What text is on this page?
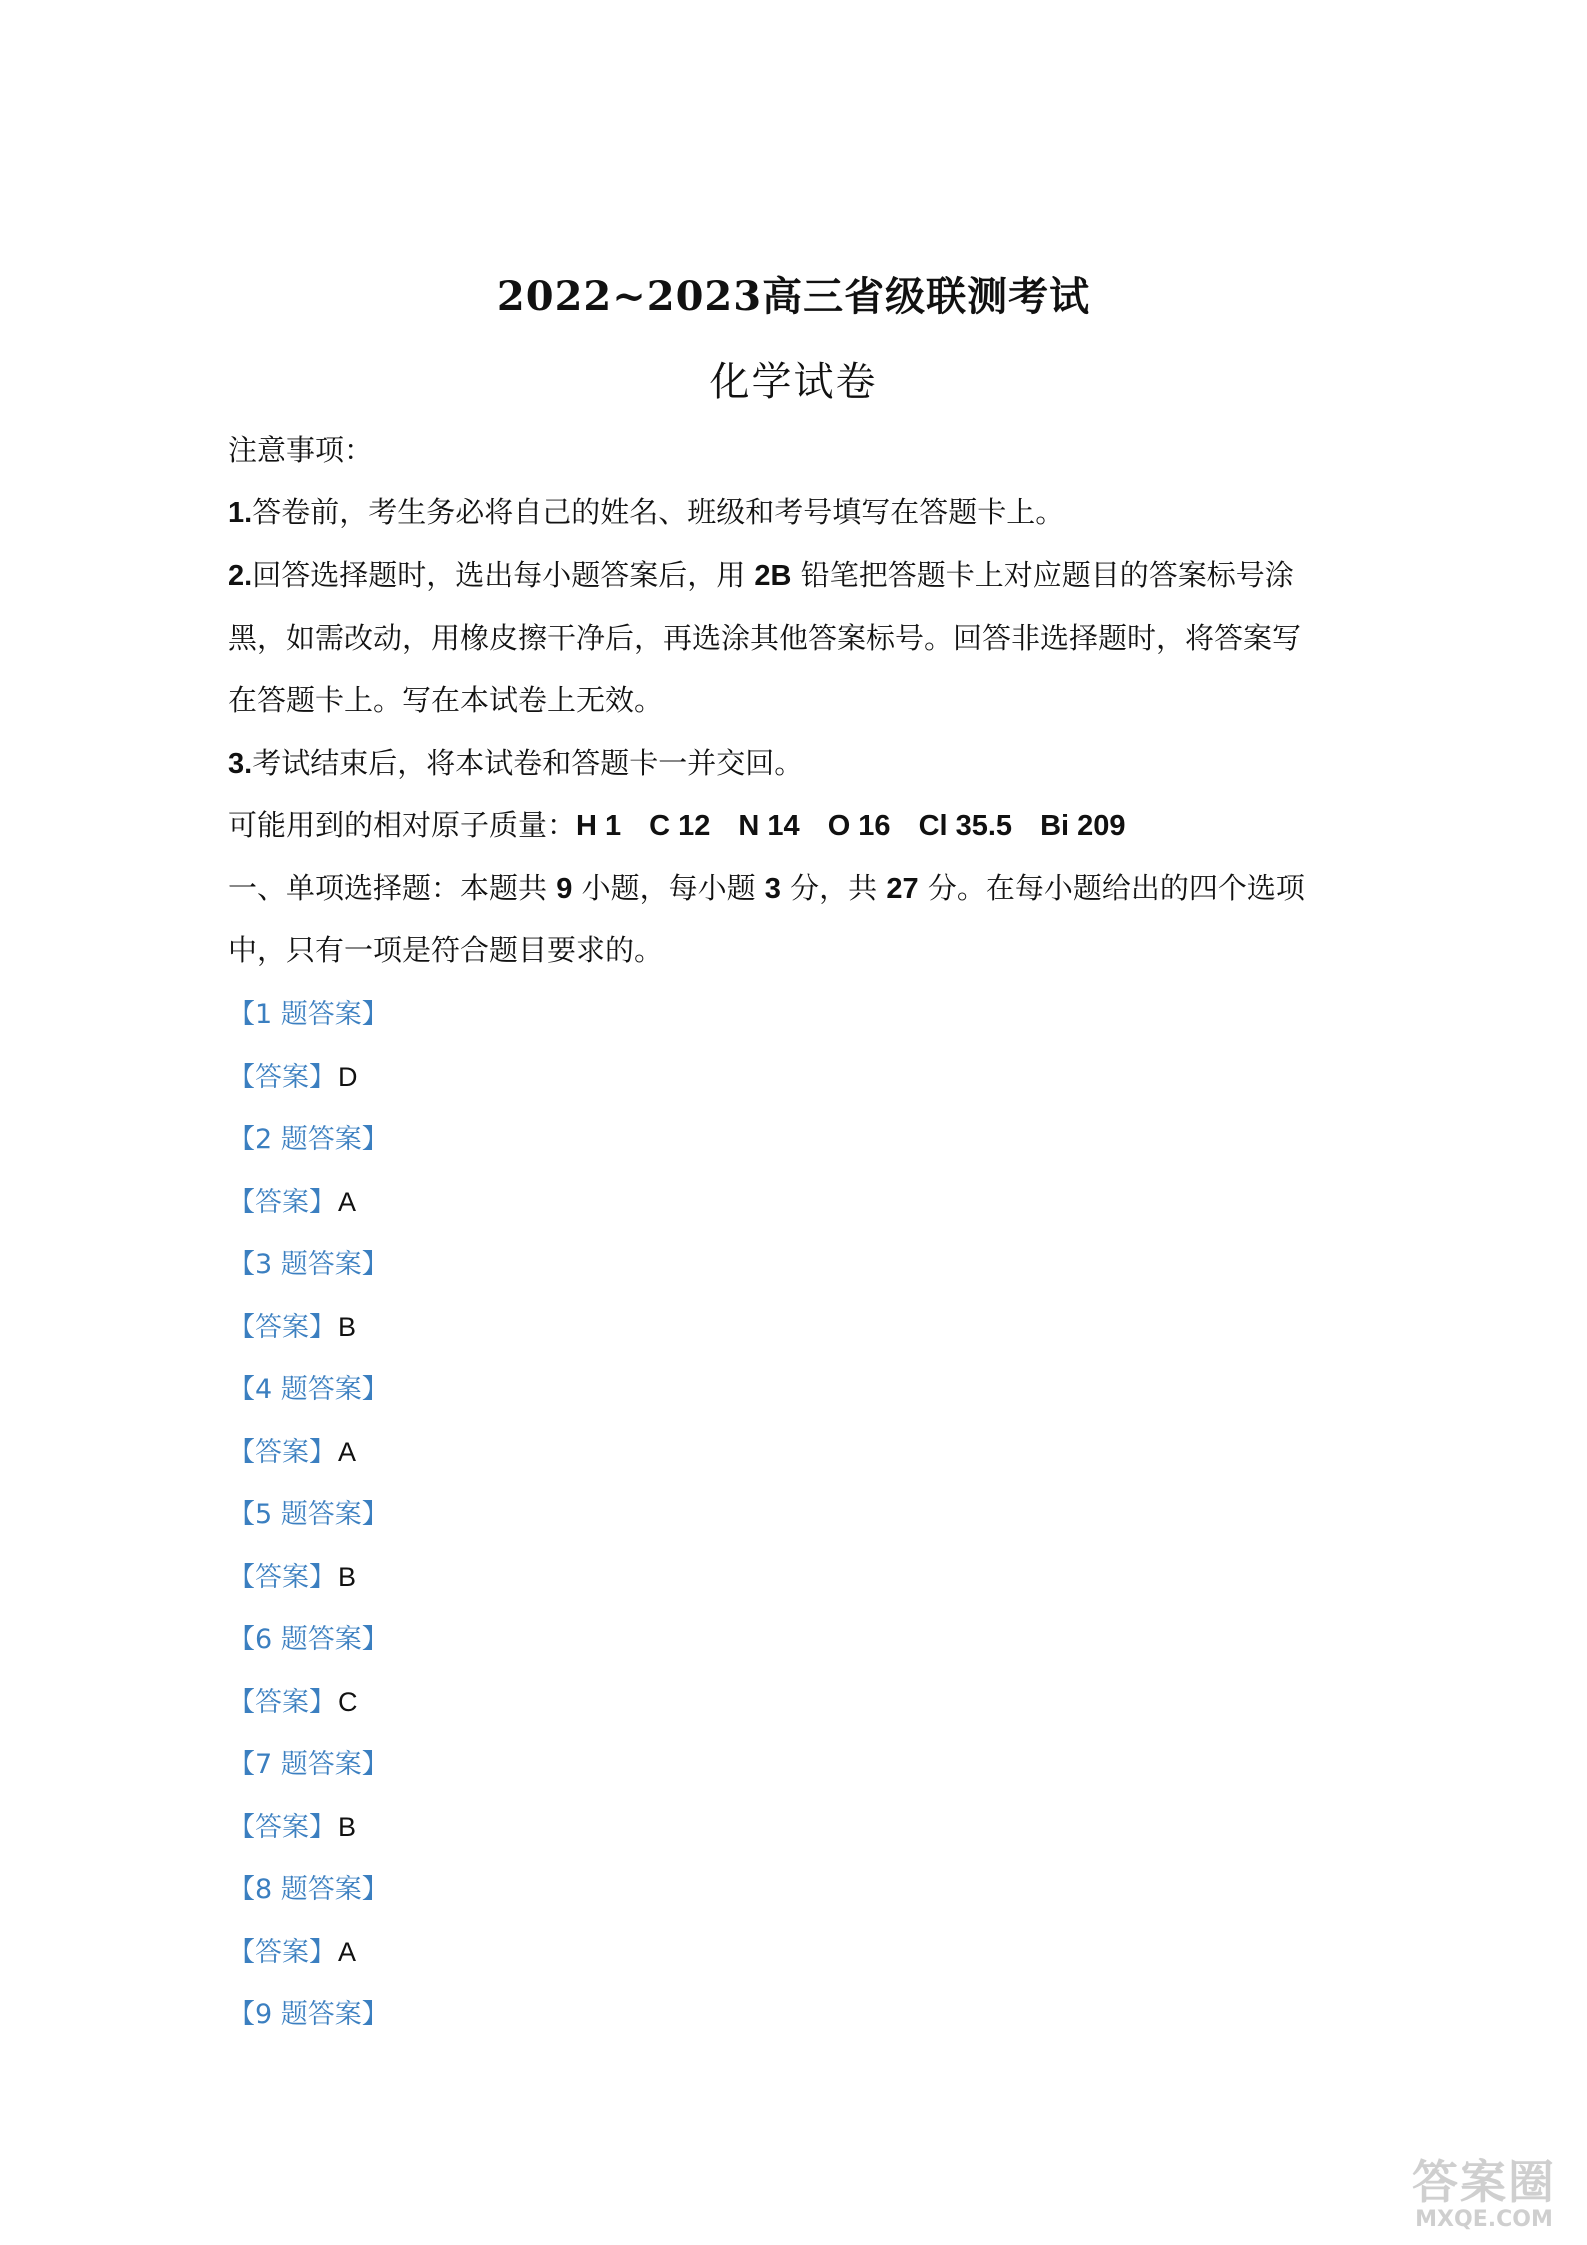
2022~2023高三省级联测考试
化学试卷
注意事项：
1.答卷前，考生务必将自己的姓名、班级和考号填写在答题卡上。
2.回答选择题时，选出每小题答案后，用 2B 铅笔把答题卡上对应题目的答案标号涂
黑，如需改动，用橡皮擦干净后，再选涂其他答案标号。回答非选择题时，将答案写
在答题卡上。写在本试卷上无效。
3.考试结束后，将本试卷和答题卡一并交回。
可能用到的相对原子质量：H 1 C 12 N 14 O 16 Cl 35.5 Bi 209
一、单项选择题：本题共 9 小题，每小题 3 分，共 27 分。在每小题给出的四个选项
中，只有一项是符合题目要求的。
【1 题答案】
【答案】D
【2 题答案】
【答案】A
【3 题答案】
【答案】B
【4 题答案】
【答案】A
【5 题答案】
【答案】B
【6 题答案】
【答案】C
【7 题答案】
【答案】B
【8 题答案】
【答案】A
【9 题答案】
答案圈
MXQE.COM
